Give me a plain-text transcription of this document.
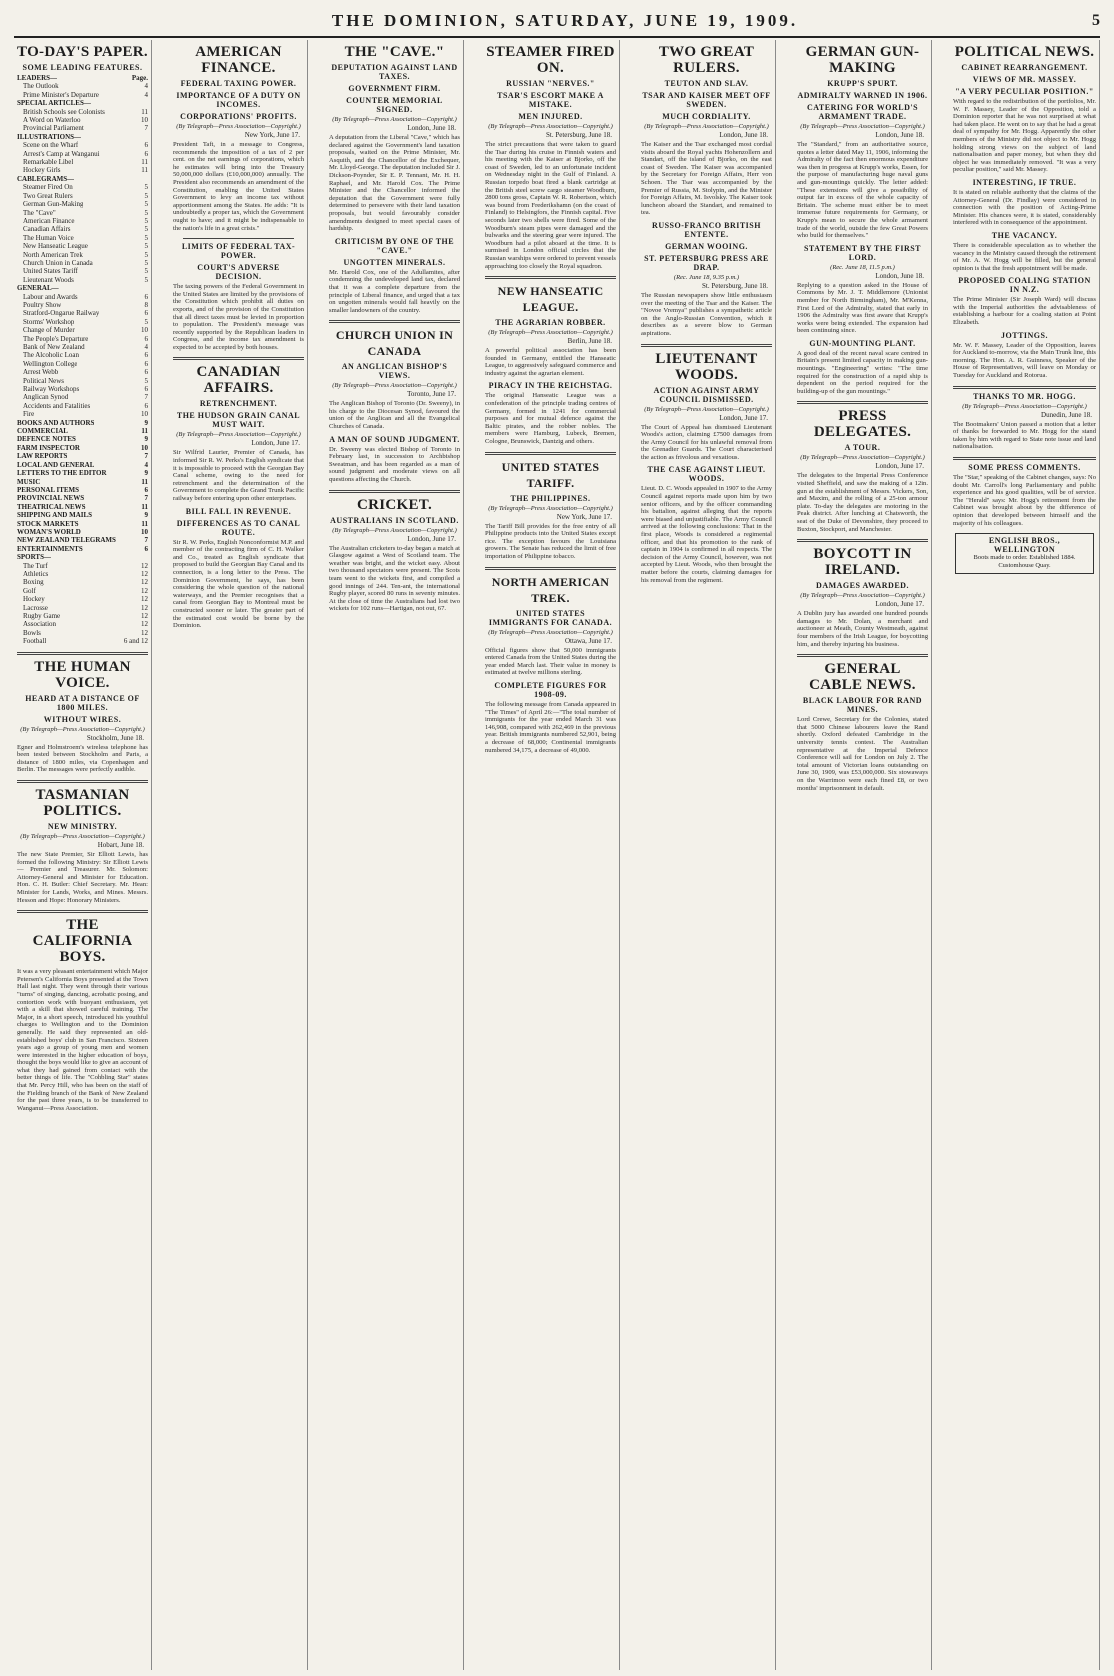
THE DOMINION, SATURDAY, JUNE 19, 1909.	5
TO-DAY'S PAPER.
SOME LEADING FEATURES.
LEADERS—	Page.
The Outlook	4
Prime Minister's Departure	4
SPECIAL ARTICLES—
British Schools see Colonists	11
A Word on Waterloo	10
Provincial Parliament	7
ILLUSTRATIONS—
Scene on the Wharf	6
Arrest's Camp at Wanganui	6
Remarkable Libel	11
Hockey Girls	11
CABLEGRAMS—
Steamer Fired On	5
Two Great Rulers	5
German Gun-Making	5
The "Cave"	5
American Finance	5
Canadian Affairs	5
The Human Voice	5
New Hanseatic League	5
North American Trek	5
Church Union in Canada	5
United States Tariff	5
Lieutenant Woods	5
GENERAL—
Labour and Awards	6
Poultry Show	8
Stratford-Ongarue Railway	6
Storms' Workshop	5
Change of Murder	10
The People's Departure	6
Bank of New Zealand	4
The Alcoholic Loan	6
Wellington College	6
Arrest Webb	6
Political News	5
Railway Workshops	6
Anglican Synod	7
Accidents and Fatalities	6
Fire	10
BOOKS AND AUTHORS	9
COMMERCIAL	11
DEFENCE NOTES	9
FARM INSPECTOR	10
LAW REPORTS	7
LOCAL AND GENERAL	4
LETTERS TO THE EDITOR	9
MUSIC	11
PERSONAL ITEMS	6
PROVINCIAL NEWS	7
THEATRICAL NEWS	11
SHIPPING AND MAILS	9
STOCK MARKETS	11
WOMAN'S WORLD	10
NEW ZEALAND TELEGRAMS	7
ENTERTAINMENTS	6
SPORTS—
The Turf	12
Athletics	12
Boxing	12
Golf	12
Hockey	12
Lacrosse	12
Rugby Game	12
Association	12
Bowls	12
Football	6 and 12
THE HUMAN VOICE.
HEARD AT A DISTANCE OF 1800 MILES.
WITHOUT WIRES.
(By Telegraph—Press Association—Copyright.)
Stockholm, June 18.
Egner and Holmstroem's wireless telephone has been tested between Stockholm and Paris, a distance of 1800 miles, via Copenhagen and Berlin. The messages were perfectly audible.
TASMANIAN POLITICS.
NEW MINISTRY.
(By Telegraph—Press Association—Copyright.)
Hobart, June 18.
The new State Premier, Sir Elliott Lewis, has formed the following Ministry: Sir Elliott Lewis — Premier and Treasurer. Mr. Solomon: Attorney-General and Minister for Education. Hon. C. H. Butler: Chief Secretary. Mr. Hean: Minister for Lands, Works, and Mines. Messrs. Hesson and Hope: Honorary Ministers.
THE CALIFORNIA BOYS.
It was a very pleasant entertainment which Major Petersen's California Boys presented at the Town Hall last night. They went through their various "turns" of singing, dancing, acrobatic posing, and contortion work with buoyant enthusiasm, yet with a skill that showed careful training. The Major, in a short speech, introduced his youthful charges to Wellington and to the Dominion generally. He said they represented an old-established boys' club in San Francisco. Sixteen years ago a group of young men and women were interested in the higher education of boys, thought the boys would like to give an account of what they had gained from contact with the better things of life. The "Cohbling Star" states that Mr. Percy Hill, who has been on the staff of the Fielding branch of the Bank of New Zealand for the past three years, is to be transferred to Wanganui—Press Association.
AMERICAN FINANCE.
FEDERAL TAXING POWER.
IMPORTANCE OF A DUTY ON INCOMES.
CORPORATIONS' PROFITS.
(By Telegraph—Press Association—Copyright.)
New York, June 17.
President Taft, in a message to Congress, recommends the imposition of a tax of 2 per cent. on the net earnings of corporations, which he estimates will bring into the Treasury 50,000,000 dollars (£10,000,000) annually. The President also recommends an amendment of the Constitution, enabling the United States Government to levy an income tax without apportionment among the States. He adds: "It is undoubtedly a proper tax, which the Government ought to have; and it might be indispensable to the nation's life in a great crisis."
LIMITS OF FEDERAL TAX-POWER.
COURT'S ADVERSE DECISION.
The taxing powers of the Federal Government in the United States are limited by the provisions of the Constitution which prohibit all duties on exports, and of the provision of the Constitution that all direct taxes must be levied in proportion to population. The President's message was recently supported by the Republican leaders in Congress, and the income tax amendment is expected to be accepted by both houses.
CANADIAN AFFAIRS.
RETRENCHMENT.
THE HUDSON GRAIN CANAL MUST WAIT.
(By Telegraph—Press Association—Copyright.)
London, June 17.
Sir Wilfrid Laurier, Premier of Canada, has informed Sir R. W. Perks's English syndicate that it is impossible to proceed with the Georgian Bay Canal scheme, owing to the need for retrenchment and the determination of the Government to complete the Grand Trunk Pacific railway before entering upon other enterprises.
BILL FALL IN REVENUE.
DIFFERENCES AS TO CANAL ROUTE.
Sir R. W. Perks, English Nonconformist M.P. and member of the contracting firm of C. H. Walker and Co., treated as English syndicate that proposed to build the Georgian Bay Canal and its connection, is a long letter to the Press. The Dominion Government, he says, has been considering the whole question of the national waterways, and the Premier recognises that a canal from Georgian Bay to Montreal must be constructed sooner or later. The greater part of the estimated cost would be borne by the Dominion.
THE "CAVE."
DEPUTATION AGAINST LAND TAXES.
GOVERNMENT FIRM.
COUNTER MEMORIAL SIGNED.
(By Telegraph—Press Association—Copyright.)
London, June 18.
A deputation from the Liberal "Cave," which has declared against the Government's land taxation proposals, waited on the Prime Minister, Mr. Asquith, and the Chancellor of the Exchequer, Mr. Lloyd-George. The deputation included Sir J. Dickson-Poynder, Sir E. P. Tennant, Mr. H. H. Raphael, and Mr. Harold Cox. The Prime Minister and the Chancellor informed the deputation that the Government were fully determined to persevere with their land taxation proposals, but would favourably consider amendments designed to meet special cases of hardship.
CRITICISM BY ONE OF THE "CAVE."
UNGOTTEN MINERALS.
Mr. Harold Cox, one of the Adullamites, after condemning the undeveloped land tax, declared that it was a complete departure from the principle of Liberal finance, and urged that a tax on ungotten minerals would fall heavily on the smaller landowners of the country.
CHURCH UNION IN CANADA
AN ANGLICAN BISHOP'S VIEWS.
(By Telegraph—Press Association—Copyright.)
Toronto, June 17.
The Anglican Bishop of Toronto (Dr. Sweeny), in his charge to the Diocesan Synod, favoured the union of the Anglican and all the Evangelical Churches of Canada.
A MAN OF SOUND JUDGMENT.
Dr. Sweeny was elected Bishop of Toronto in February last, in succession to Archbishop Sweatman, and has been regarded as a man of sound judgment and moderate views on all questions affecting the Church.
CRICKET.
AUSTRALIANS IN SCOTLAND.
(By Telegraph—Press Association—Copyright.)
London, June 17.
The Australian cricketers to-day began a match at Glasgow against a West of Scotland team. The weather was bright, and the wicket easy. About two thousand spectators were present. The Scots team went to the wickets first, and compiled a good innings of 244. Ten-ant, the international Rugby player, scored 80 runs in seventy minutes. At the close of time the Australians had lost two wickets for 102 runs—Hartigan, not out, 67.
STEAMER FIRED ON.
RUSSIAN "NERVES."
TSAR'S ESCORT MAKE A MISTAKE.
MEN INJURED.
(By Telegraph—Press Association—Copyright.)
St. Petersburg, June 18.
The strict precautions that were taken to guard the Tsar during his cruise in Finnish waters and his meeting with the Kaiser at Bjorko, off the coast of Sweden, led to an unfortunate incident on Wednesday night in the Gulf of Finland. A Russian torpedo boat fired a blank cartridge at the British steel screw cargo steamer Woodburn, 2800 tons gross, Captain W. R. Robertson, which was bound from Frederikshamn (on the coast of Finland) to Helsingfors, the Finnish capital. Five seconds later two shells were fired. Some of the Woodburn's steam pipes were damaged and the bulwarks and the steering gear were injured. The Woodburn had a pilot aboard at the time. It is surmised in London official circles that the Russian warships were ordered to prevent vessels approaching too closely the Royal squadron.
NEW HANSEATIC LEAGUE.
THE AGRARIAN ROBBER.
(By Telegraph—Press Association—Copyright.)
Berlin, June 18.
A powerful political association has been founded in Germany, entitled the Hanseatic League, to aggressively safeguard commerce and industry against the agrarian element.
PIRACY IN THE REICHSTAG.
The original Hanseatic League was a confederation of the principle trading centres of Germany, formed in 1241 for commercial purposes and for mutual defence against the Baltic pirates, and the robber nobles. The members were Hamburg, Lubeck, Bremen, Cologne, Brunswick, Dantzig and others.
UNITED STATES TARIFF.
THE PHILIPPINES.
(By Telegraph—Press Association—Copyright.)
New York, June 17.
The Tariff Bill provides for the free entry of all Philippine products into the United States except rice. The exception favours the Louisiana growers. The Senate has reduced the limit of free importation of Philippine tobacco.
NORTH AMERICAN TREK.
UNITED STATES IMMIGRANTS FOR CANADA.
(By Telegraph—Press Association—Copyright.)
Ottawa, June 17.
Official figures show that 50,000 immigrants entered Canada from the United States during the year ended March last. Their value in money is estimated at twelve millions sterling.
COMPLETE FIGURES FOR 1908-09.
The following message from Canada appeared in "The Times" of April 26:—"The total number of immigrants for the year ended March 31 was 146,908, compared with 262,469 in the previous year. British immigrants numbered 52,901, being a decrease of 68,000; Continental immigrants numbered 34,175, a decrease of 49,000.
TWO GREAT RULERS.
TEUTON AND SLAV.
TSAR AND KAISER MEET OFF SWEDEN.
MUCH CORDIALITY.
(By Telegraph—Press Association—Copyright.)
London, June 18.
The Kaiser and the Tsar exchanged most cordial visits aboard the Royal yachts Hohenzollern and Standart, off the island of Bjorko, on the east coast of Sweden. The Kaiser was accompanied by the Secretary for Foreign Affairs, Herr von Schoen. The Tsar was accompanied by the Premier of Russia, M. Stolypin, and the Minister for Foreign Affairs, M. Isvolsky. The Kaiser took luncheon aboard the Standart, and remained to tea.
RUSSO-FRANCO BRITISH ENTENTE.
GERMAN WOOING.
ST. PETERSBURG PRESS ARE DRAP.
(Rec. June 18, 9.35 p.m.)
St. Petersburg, June 18.
The Russian newspapers show little enthusiasm over the meeting of the Tsar and the Kaiser. The "Novoe Vremya" publishes a sympathetic article on the Anglo-Russian Convention, which it describes as a severe blow to German aspirations.
LIEUTENANT WOODS.
ACTION AGAINST ARMY COUNCIL DISMISSED.
(By Telegraph—Press Association—Copyright.)
London, June 17.
The Court of Appeal has dismissed Lieutenant Woods's action, claiming £7500 damages from the Army Council for his unlawful removal from the Grenadier Guards. The Court characterised the action as frivolous and vexatious.
THE CASE AGAINST LIEUT. WOODS.
Lieut. D. C. Woods appealed in 1907 to the Army Council against reports made upon him by two senior officers, and by the officer commanding his battalion, against alleging that the reports were biased and unjustifiable. The Army Council arrived at the following conclusions: That in the first place, Woods is considered a regimental officer, and that his promotion to the rank of captain in 1904 is confirmed in all respects. The decision of the Army Council, however, was not accepted by Lieut. Woods, who then brought the matter before the courts, claiming damages for his removal from the regiment.
GERMAN GUN-MAKING
KRUPP'S SPURT.
ADMIRALTY WARNED IN 1906.
CATERING FOR WORLD'S ARMAMENT TRADE.
(By Telegraph—Press Association—Copyright.)
London, June 18.
The "Standard," from an authoritative source, quotes a letter dated May 11, 1906, informing the Admiralty of the fact then enormous expenditure was then in progress at Krupp's works, Essen, for the purpose of manufacturing huge naval guns and gun-mountings quickly. The letter added: "These extensions will give a possibility of output far in excess of the whole capacity of Britain. The scheme must either be to meet immense future requirements for Germany, or Krupp's mean to secure the whole armament trade of the world, outside the few Great Powers who build for themselves."
STATEMENT BY THE FIRST LORD.
(Rec. June 18, 11.5 p.m.)
London, June 18.
Replying to a question asked in the House of Commons by Mr. J. T. Middlemore (Unionist member for North Birmingham), Mr. M'Kenna, First Lord of the Admiralty, stated that early in 1906 the Admiralty was first aware that Krupp's works were being extended. The expansion had been continuing since.
GUN-MOUNTING PLANT.
A good deal of the recent naval scare centred in Britain's present limited capacity in making gun-mountings. "Engineering" writes: "The time required for the construction of a rapid ship is dependent on the period required for the building-up of the gun mountings."
PRESS DELEGATES.
A TOUR.
(By Telegraph—Press Association—Copyright.)
London, June 17.
The delegates to the Imperial Press Conference visited Sheffield, and saw the making of a 12in. gun at the establishment of Messrs. Vickers, Son, and Maxim, and the rolling of a 25-ton armour plate. To-day the delegates are motoring in the Peak district. After lunching at Chatsworth, the seat of the Duke of Devonshire, they proceed to Buxton, Stockport, and Manchester.
BOYCOTT IN IRELAND.
DAMAGES AWARDED.
(By Telegraph—Press Association—Copyright.)
London, June 17.
A Dublin jury has awarded one hundred pounds damages to Mr. Dolan, a merchant and auctioneer at Meath, County Westmeath, against four members of the Irish League, for boycotting him, and thereby injuring his business.
GENERAL CABLE NEWS.
BLACK LABOUR FOR RAND MINES.
Lord Crewe, Secretary for the Colonies, stated that 5000 Chinese labourers leave the Rand shortly. Oxford defeated Cambridge in the university tennis contest. The Australian representative at the Imperial Defence Conference will sail for London on July 2. The total amount of Victorian loans outstanding on June 30, 1909, was £53,000,000. Six stowaways on the Warrimoo were each fined £8, or two months' imprisonment in default.
POLITICAL NEWS.
CABINET REARRANGEMENT.
VIEWS OF MR. MASSEY.
"A VERY PECULIAR POSITION."
With regard to the redistribution of the portfolios, Mr. W. F. Massey, Leader of the Opposition, told a Dominion reporter that he was not surprised at what had taken place. He went on to say that he had a great deal of sympathy for Mr. Hogg. Apparently the other members of the Ministry did not object to Mr. Hogg holding strong views on the subject of land nationalisation and paper money, but when they did object he was immediately removed. "It was a very peculiar position," said Mr. Massey.
INTERESTING, IF TRUE.
It is stated on reliable authority that the claims of the Attorney-General (Dr. Findlay) were considered in connection with the position of Acting-Prime Minister. His chances were, it is stated, considerably interfered with in consequence of the appointment.
THE VACANCY.
There is considerable speculation as to whether the vacancy in the Ministry caused through the retirement of Mr. A. W. Hogg will be filled, but the general opinion is that the fresh appointment will be made.
PROPOSED COALING STATION IN N.Z.
The Prime Minister (Sir Joseph Ward) will discuss with the Imperial authorities the advisableness of establishing a harbour for a coaling station at Point Elizabeth.
JOTTINGS.
Mr. W. F. Massey, Leader of the Opposition, leaves for Auckland to-morrow, via the Main Trunk line, this morning. The Hon. A. R. Guinness, Speaker of the House of Representatives, will leave on Monday or Tuesday for Auckland and Rotorua.
THANKS TO MR. HOGG.
(By Telegraph—Press Association—Copyright.)
Dunedin, June 18.
The Bootmakers' Union passed a motion that a letter of thanks be forwarded to Mr. Hogg for the stand taken by him with regard to State note issue and land nationalisation.
SOME PRESS COMMENTS.
The "Star," speaking of the Cabinet changes, says: No doubt Mr. Carroll's long Parliamentary and public experience and his good qualities, will be of service. The "Herald" says: Mr. Hogg's retirement from the Cabinet was brought about by the difference of opinion that developed between himself and the majority of his colleagues.
ENGLISH BROS., WELLINGTON
Boots made to order. Established 1884. Customhouse Quay.
